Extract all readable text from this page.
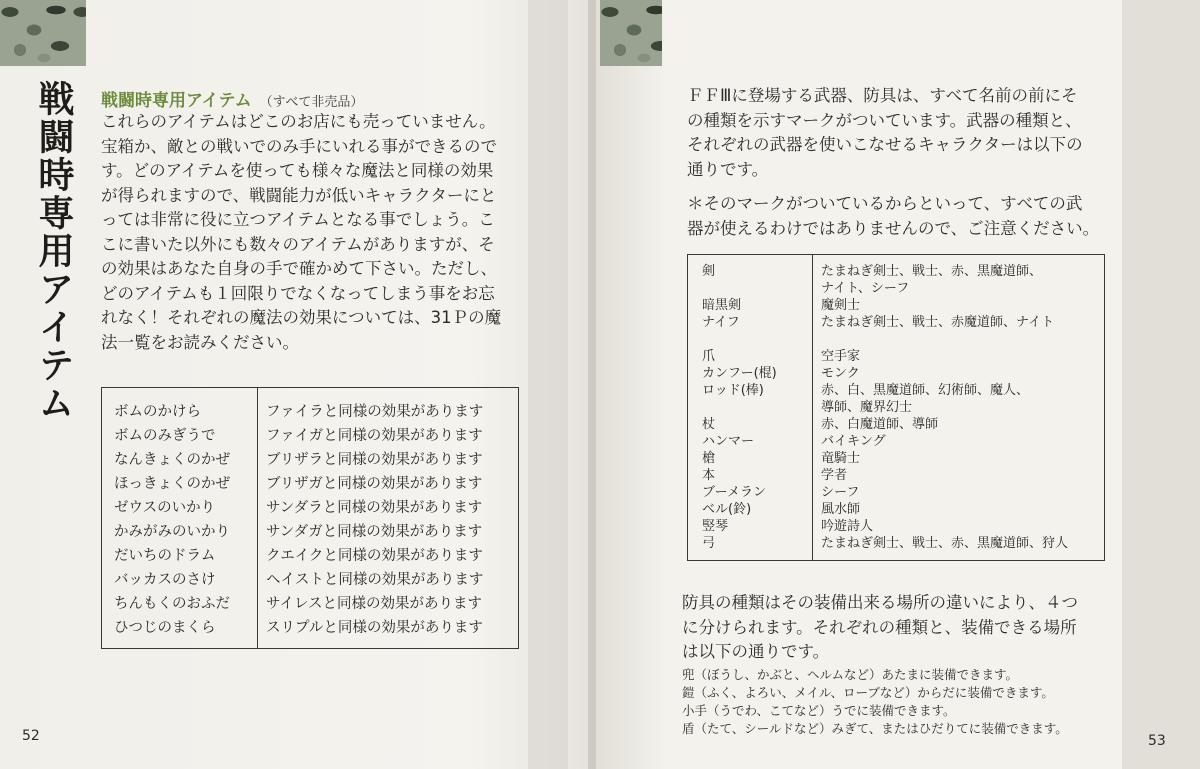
戦闘時専用アイテム 戦闘時専用アイテム （すべて非売品）
これらのアイテムはどこのお店にも売っていません。
宝箱か、敵との戦いでのみ手にいれる事ができるので
す。どのアイテムを使っても様々な魔法と同様の効果
が得られますので、戦闘能力が低いキャラクターにと
っては非常に役に立つアイテムとなる事でしょう。こ
こに書いた以外にも数々のアイテムがありますが、そ
の効果はあなた自身の手で確かめて下さい。ただし、
どのアイテムも１回限りでなくなってしまう事をお忘
れなく！それぞれの魔法の効果については、31Ｐの魔
法一覧をお読みください。
ボムのかけら	ファイラと同様の効果があります
ボムのみぎうで	ファイガと同様の効果があります
なんきょくのかぜ	ブリザラと同様の効果があります
ほっきょくのかぜ	ブリザガと同様の効果があります
ゼウスのいかり	サンダラと同様の効果があります
かみがみのいかり	サンダガと同様の効果があります
だいちのドラム	クエイクと同様の効果があります
バッカスのさけ	ヘイストと同様の効果があります
ちんもくのおふだ	サイレスと同様の効果があります
ひつじのまくら	スリプルと同様の効果があります
52
ＦＦⅢに登場する武器、防具は、すべて名前の前にそ
の種類を示すマークがついています。武器の種類と、
それぞれの武器を使いこなせるキャラクターは以下の
通りです。
＊そのマークがついているからといって、すべての武
器が使えるわけではありませんので、ご注意ください。
剣	たまねぎ剣士、戦士、赤、黒魔道師、
	ナイト、シーフ
暗黒剣	魔剣士
ナイフ	たまねぎ剣士、戦士、赤魔道師、ナイト

爪	空手家
カンフー(棍)	モンク
ロッド(棒)	赤、白、黒魔道師、幻術師、魔人、
	導師、魔界幻士
杖	赤、白魔道師、導師
ハンマー	バイキング
槍	竜騎士
本	学者
ブーメラン	シーフ
ベル(鈴)	風水師
竪琴	吟遊詩人
弓	たまねぎ剣士、戦士、赤、黒魔道師、狩人
防具の種類はその装備出来る場所の違いにより、４つ
に分けられます。それぞれの種類と、装備できる場所
は以下の通りです。
兜（ぼうし、かぶと、ヘルムなど）あたまに装備できます。
鎧（ふく、よろい、メイル、ローブなど）からだに装備できます。
小手（うでわ、こてなど）うでに装備できます。
盾（たて、シールドなど）みぎて、またはひだりてに装備できます。
53
